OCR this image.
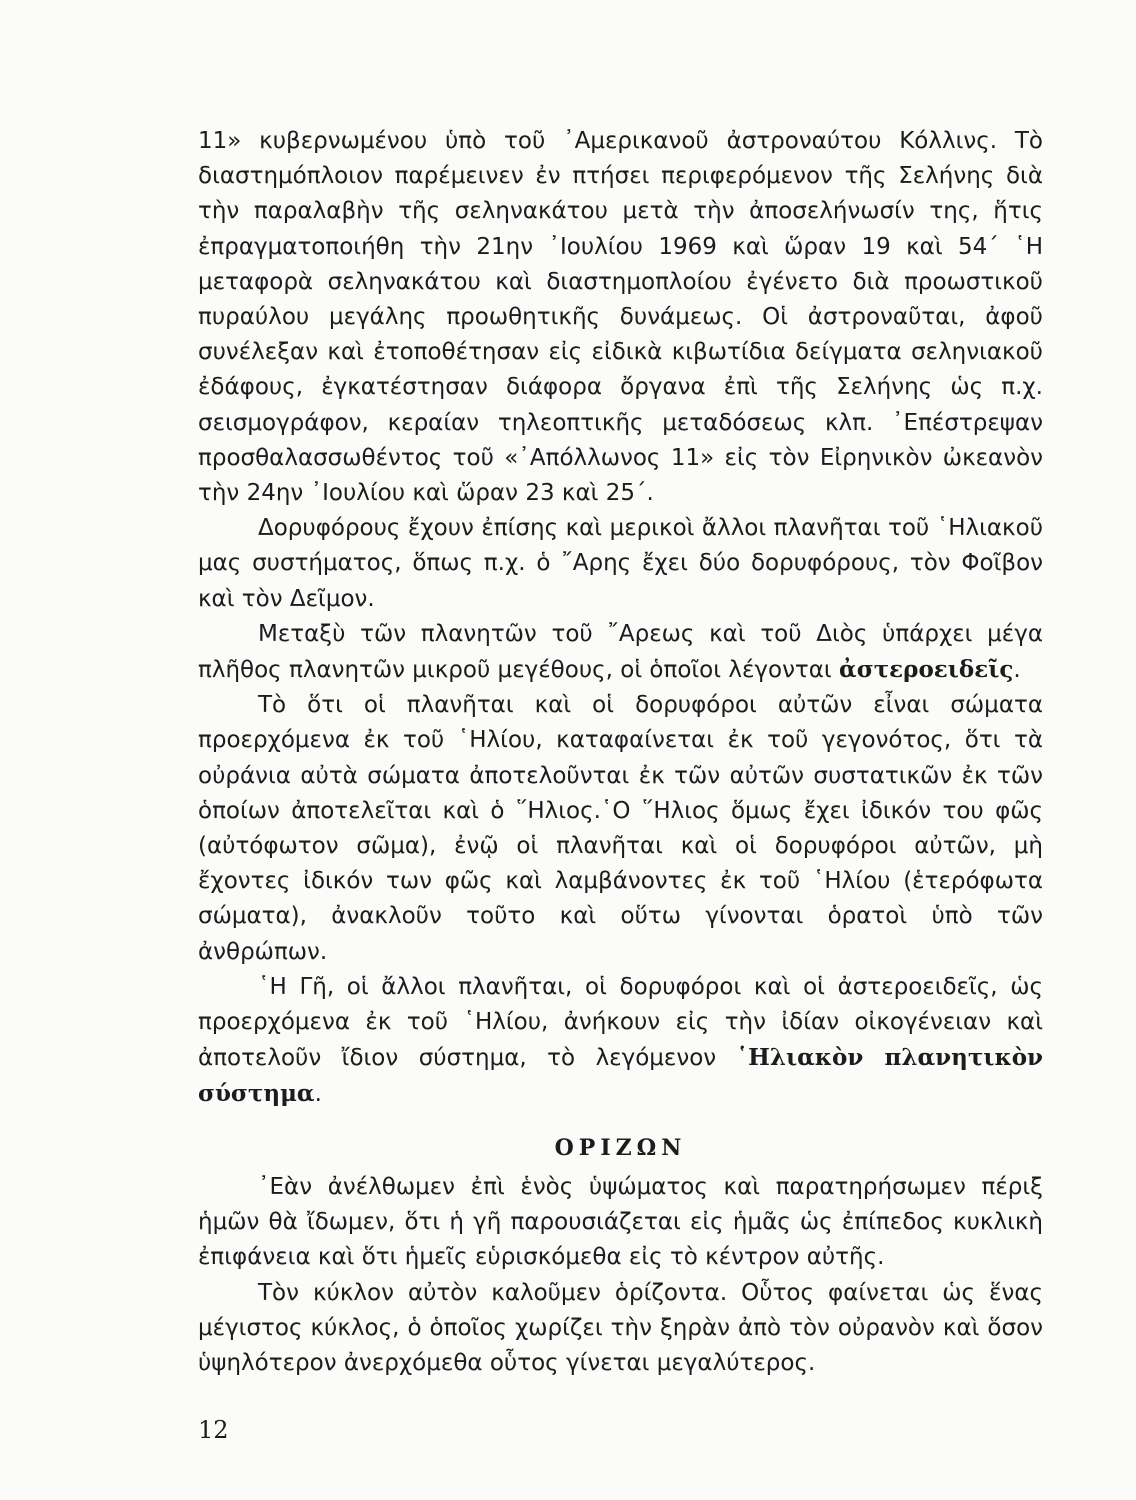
11» κυβερνωμένου ὑπὸ τοῦ ᾿Αμερικανοῦ ἀστροναύτου Κόλλινς. Τὸ διαστημόπλοιον παρέμεινεν ἐν πτήσει περιφερόμενον τῆς Σελήνης διὰ τὴν παραλαβὴν τῆς σεληνακάτου μετὰ τὴν ἀποσελήνωσίν της, ἥτις ἐπραγματοποιήθη τὴν 21ην ᾿Ιουλίου 1969 καὶ ὥραν 19 καὶ 54΄ ῾Η μεταφορὰ σεληνακάτου καὶ διαστημοπλοίου ἐγένετο διὰ προωστικοῦ πυραύλου μεγάλης προωθητικῆς δυνάμεως. Οἱ ἀστροναῦται, ἀφοῦ συνέλεξαν καὶ ἐτοποθέτησαν εἰς εἰδικὰ κιβωτίδια δείγματα σεληνιακοῦ ἐδάφους, ἐγκατέστησαν διάφορα ὄργανα ἐπὶ τῆς Σελήνης ὡς π.χ. σεισμογράφον, κεραίαν τηλεοπτικῆς μεταδόσεως κλπ. ᾿Επέστρεψαν προσθαλασσωθέντος τοῦ «᾿Απόλλωνος 11» εἰς τὸν Εἰρηνικὸν ὠκεανὸν τὴν 24ην ᾿Ιουλίου καὶ ὥραν 23 καὶ 25΄.

Δορυφόρους ἔχουν ἐπίσης καὶ μερικοὶ ἄλλοι πλανῆται τοῦ ῾Ηλιακοῦ μας συστήματος, ὅπως π.χ. ὁ ῎Αρης ἔχει δύο δορυφόρους, τὸν Φοῖβον καὶ τὸν Δεῖμον.

Μεταξὺ τῶν πλανητῶν τοῦ ῎Αρεως καὶ τοῦ Διὸς ὑπάρχει μέγα πλῆθος πλανητῶν μικροῦ μεγέθους, οἱ ὁποῖοι λέγονται ἀστεροειδεῖς.

Τὸ ὅτι οἱ πλανῆται καὶ οἱ δορυφόροι αὐτῶν εἶναι σώματα προερχόμενα ἐκ τοῦ ῾Ηλίου, καταφαίνεται ἐκ τοῦ γεγονότος, ὅτι τὰ οὐράνια αὐτὰ σώματα ἀποτελοῦνται ἐκ τῶν αὐτῶν συστατικῶν ἐκ τῶν ὁποίων ἀποτελεῖται καὶ ὁ ῞Ηλιος.῾Ο ῞Ηλιος ὅμως ἔχει ἰδικόν του φῶς (αὐτόφωτον σῶμα), ἐνῷ οἱ πλανῆται καὶ οἱ δορυφόροι αὐτῶν, μὴ ἔχοντες ἰδικόν των φῶς καὶ λαμβάνοντες ἐκ τοῦ ῾Ηλίου (ἑτερόφωτα σώματα), ἀνακλοῦν τοῦτο καὶ οὕτω γίνονται ὁρατοὶ ὑπὸ τῶν ἀνθρώπων.

῾Η Γῆ, οἱ ἄλλοι πλανῆται, οἱ δορυφόροι καὶ οἱ ἀστεροειδεῖς, ὡς προερχόμενα ἐκ τοῦ ῾Ηλίου, ἀνήκουν εἰς τὴν ἰδίαν οἰκογένειαν καὶ ἀποτελοῦν ἴδιον σύστημα, τὸ λεγόμενον ῾Ηλιακὸν πλανητικὸν σύστημα.

ΟΡΙΖΩΝ

᾿Εὰν ἀνέλθωμεν ἐπὶ ἑνὸς ὑψώματος καὶ παρατηρήσωμεν πέριξ ἡμῶν θὰ ἴδωμεν, ὅτι ἡ γῆ παρουσιάζεται εἰς ἡμᾶς ὡς ἐπίπεδος κυκλικὴ ἐπιφάνεια καὶ ὅτι ἡμεῖς εὑρισκόμεθα εἰς τὸ κέντρον αὐτῆς.

Τὸν κύκλον αὐτὸν καλοῦμεν ὁρίζοντα. Οὗτος φαίνεται ὡς ἕνας μέγιστος κύκλος, ὁ ὁποῖος χωρίζει τὴν ξηρὰν ἀπὸ τὸν οὐρανὸν καὶ ὅσον ὑψηλότερον ἀνερχόμεθα οὗτος γίνεται μεγαλύτερος.

12
